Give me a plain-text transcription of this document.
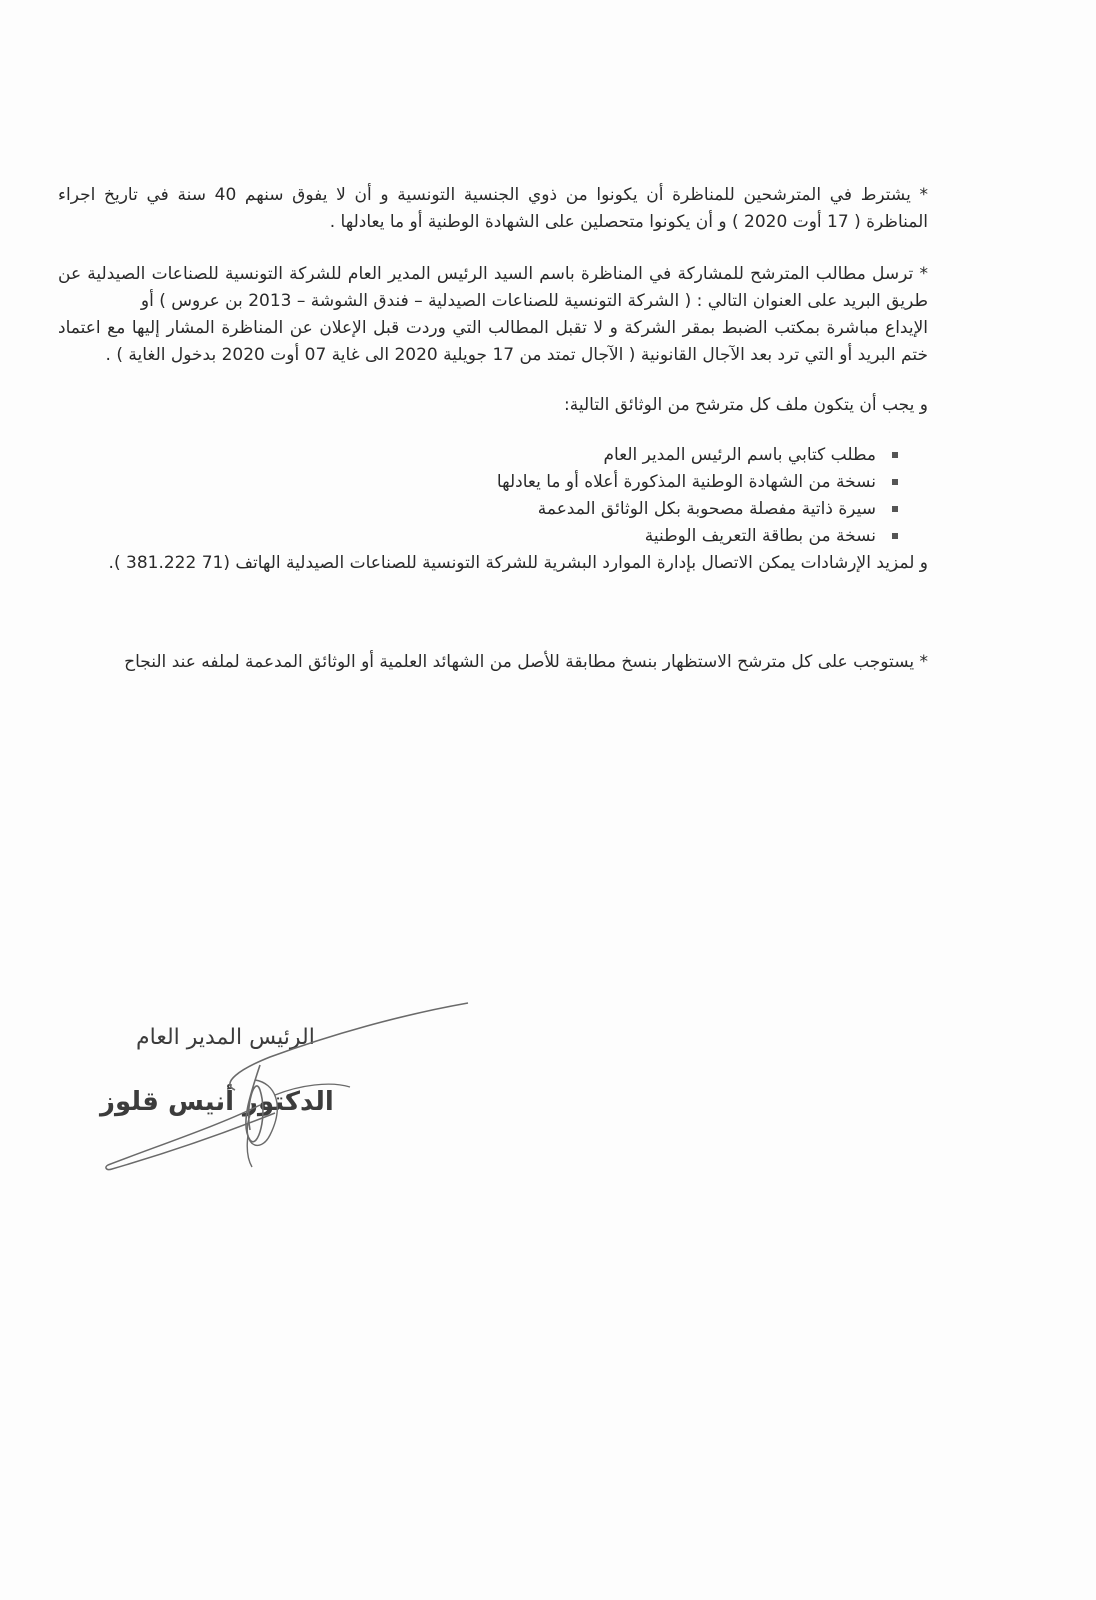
* يشترط في المترشحين للمناظرة أن يكونوا من ذوي الجنسية التونسية و أن لا يفوق سنهم 40 سنة في تاريخ اجراء المناظرة ( 17 أوت 2020 ) و أن يكونوا متحصلين على الشهادة الوطنية أو ما يعادلها .

* ترسل مطالب المترشح للمشاركة في المناظرة باسم السيد الرئيس المدير العام للشركة التونسية للصناعات الصيدلية عن طريق البريد على العنوان التالي : ( الشركة التونسية للصناعات الصيدلية – فندق الشوشة – 2013 بن عروس ) أو

الإيداع مباشرة بمكتب الضبط بمقر الشركة و لا تقبل المطالب التي وردت قبل الإعلان عن المناظرة المشار إليها مع اعتماد ختم البريد أو التي ترد بعد الآجال القانونية ( الآجال تمتد من 17 جويلية 2020 الى غاية 07 أوت 2020 بدخول الغاية ) .

و يجب أن يتكون ملف كل مترشح من الوثائق التالية:

مطلب كتابي باسم الرئيس المدير العام
نسخة من الشهادة الوطنية المذكورة أعلاه أو ما يعادلها
سيرة ذاتية مفصلة مصحوبة بكل الوثائق المدعمة
نسخة من بطاقة التعريف الوطنية

و لمزيد الإرشادات يمكن الاتصال بإدارة الموارد البشرية للشركة التونسية للصناعات الصيدلية الهاتف (71 381.222 ).

* يستوجب على كل مترشح الاستظهار بنسخ مطابقة للأصل من الشهائد العلمية أو الوثائق المدعمة لملفه عند النجاح

الرئيس المدير العام
الدكتور أنيس قلوز
